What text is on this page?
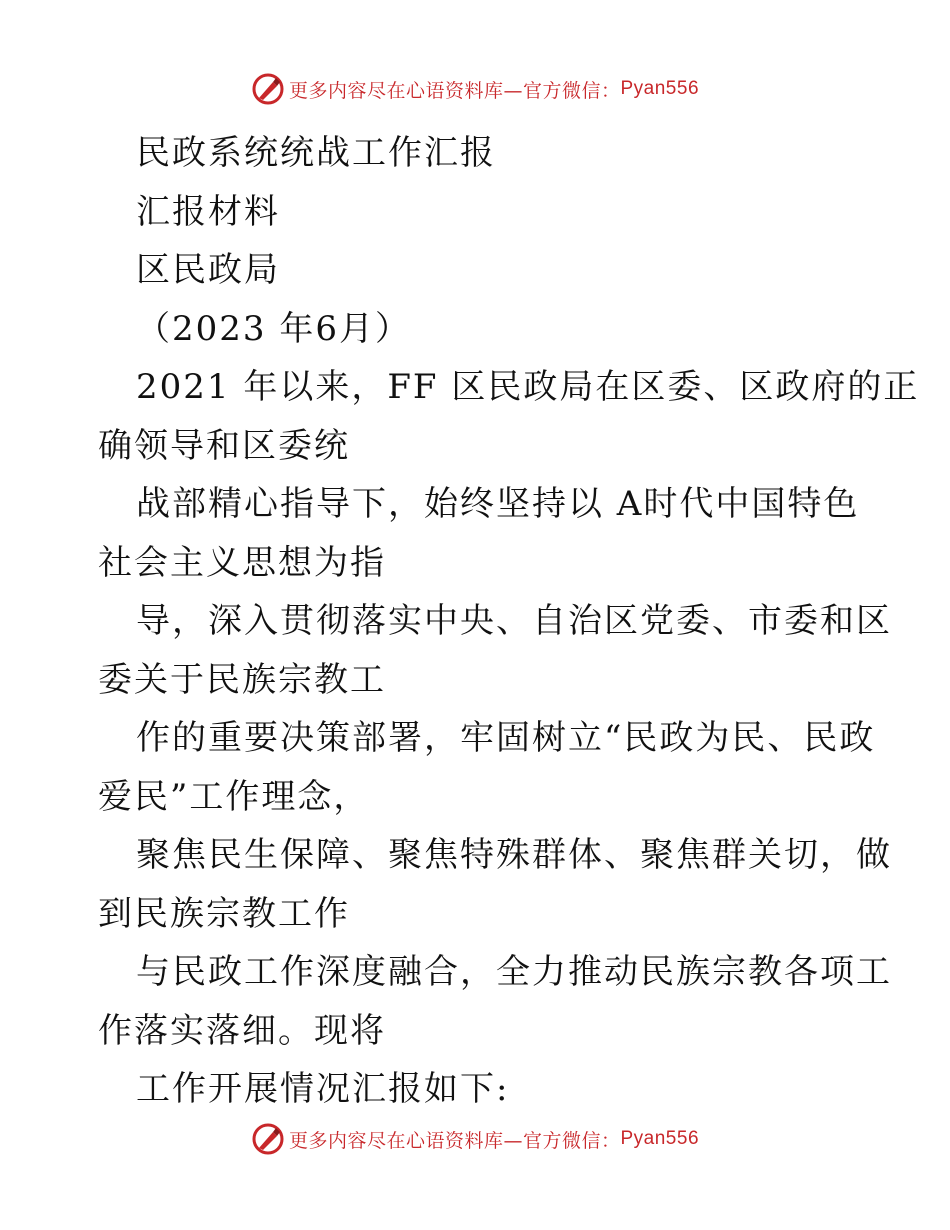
更多内容尽在心语资料库—官方微信： Pyan556
民政系统统战工作汇报
汇报材料
区民政局
（2023 年6月）
2021 年以来，FF 区民政局在区委、区政府的正
确领导和区委统
战部精心指导下，始终坚持以 A时代中国特色
社会主义思想为指
导，深入贯彻落实中央、自治区党委、市委和区
委关于民族宗教工
作的重要决策部署，牢固树立“民政为民、民政
爱民”工作理念，
聚焦民生保障、聚焦特殊群体、聚焦群关切，做
到民族宗教工作
与民政工作深度融合，全力推动民族宗教各项工
作落实落细。现将
工作开展情况汇报如下:
更多内容尽在心语资料库—官方微信： Pyan556
